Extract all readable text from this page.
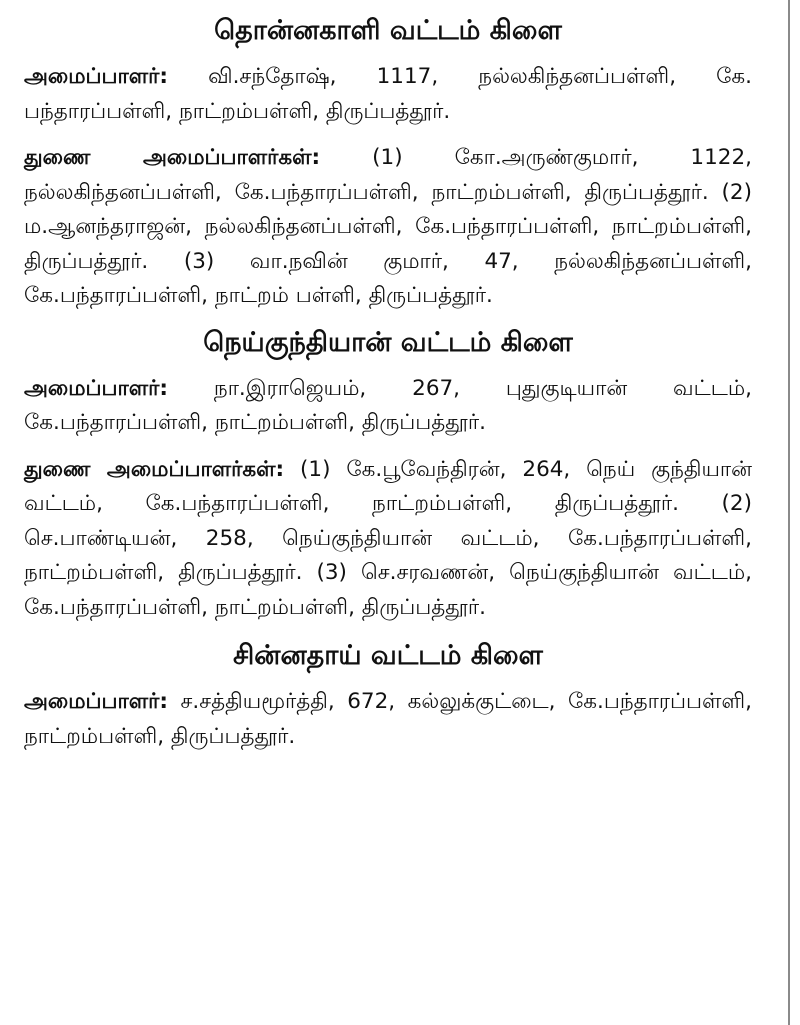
தொன்னகாளி வட்டம் கிளை

அமைப்பாளர்: வி.சந்தோஷ், 1117, நல்லகிந்தனப்பள்ளி, கே. பந்தாரப்பள்ளி, நாட்றம்பள்ளி, திருப்பத்தூர்.

துணை அமைப்பாளர்கள்: (1) கோ.அருண்குமார், 1122, நல்லகிந்தனப்பள்ளி, கே.பந்தாரப்பள்ளி, நாட்றம்பள்ளி, திருப்பத்தூர். (2) ம.ஆனந்தராஜன், நல்லகிந்தனப்பள்ளி, கே.பந்தாரப்பள்ளி, நாட்றம்பள்ளி, திருப்பத்தூர். (3) வா.நவின் குமார், 47, நல்லகிந்தனப்பள்ளி, கே.பந்தாரப்பள்ளி, நாட்றம் பள்ளி, திருப்பத்தூர்.

நெய்குந்தியான் வட்டம் கிளை

அமைப்பாளர்: நா.இராஜெயம், 267, புதுகுடியான் வட்டம், கே.பந்தாரப்பள்ளி, நாட்றம்பள்ளி, திருப்பத்தூர்.

துணை அமைப்பாளர்கள்: (1) கே.பூவேந்திரன், 264, நெய் குந்தியான் வட்டம், கே.பந்தாரப்பள்ளி, நாட்றம்பள்ளி, திருப்பத்தூர். (2) செ.பாண்டியன், 258, நெய்குந்தியான் வட்டம், கே.பந்தாரப்பள்ளி, நாட்றம்பள்ளி, திருப்பத்தூர். (3) செ.சரவணன், நெய்குந்தியான் வட்டம், கே.பந்தாரப்பள்ளி, நாட்றம்பள்ளி, திருப்பத்தூர்.

சின்னதாய் வட்டம் கிளை

அமைப்பாளர்: ச.சத்தியமூர்த்தி, 672, கல்லுக்குட்டை, கே.பந்தாரப்பள்ளி, நாட்றம்பள்ளி, திருப்பத்தூர்.
